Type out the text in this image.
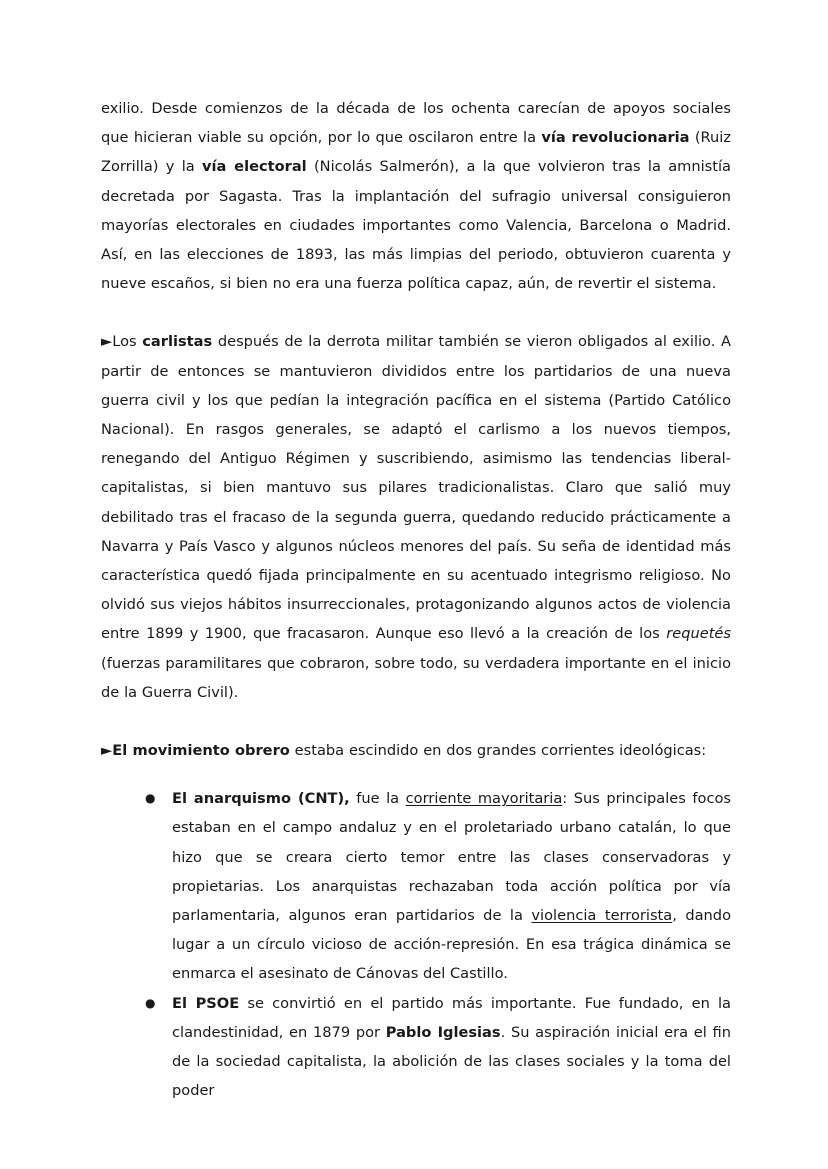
exilio. Desde comienzos de la década de los ochenta carecían de apoyos sociales que hicieran viable su opción, por lo que oscilaron entre la vía revolucionaria (Ruiz Zorrilla) y la vía electoral (Nicolás Salmerón), a la que volvieron tras la amnistía decretada por Sagasta. Tras la implantación del sufragio universal consiguieron mayorías electorales en ciudades importantes como Valencia, Barcelona o Madrid. Así, en las elecciones de 1893, las más limpias del periodo, obtuvieron cuarenta y nueve escaños, si bien no era una fuerza política capaz, aún, de revertir el sistema.

►Los carlistas después de la derrota militar también se vieron obligados al exilio. A partir de entonces se mantuvieron divididos entre los partidarios de una nueva guerra civil y los que pedían la integración pacífica en el sistema (Partido Católico Nacional). En rasgos generales, se adaptó el carlismo a los nuevos tiempos, renegando del Antiguo Régimen y suscribiendo, asimismo las tendencias liberal-capitalistas, si bien mantuvo sus pilares tradicionalistas. Claro que salió muy debilitado tras el fracaso de la segunda guerra, quedando reducido prácticamente a Navarra y País Vasco y algunos núcleos menores del país. Su seña de identidad más característica quedó fijada principalmente en su acentuado integrismo religioso. No olvidó sus viejos hábitos insurreccionales, protagonizando algunos actos de violencia entre 1899 y 1900, que fracasaron. Aunque eso llevó a la creación de los requetés (fuerzas paramilitares que cobraron, sobre todo, su verdadera importante en el inicio de la Guerra Civil).

►El movimiento obrero estaba escindido en dos grandes corrientes ideológicas:

● El anarquismo (CNT), fue la corriente mayoritaria: Sus principales focos estaban en el campo andaluz y en el proletariado urbano catalán, lo que hizo que se creara cierto temor entre las clases conservadoras y propietarias. Los anarquistas rechazaban toda acción política por vía parlamentaria, algunos eran partidarios de la violencia terrorista, dando lugar a un círculo vicioso de acción-represión. En esa trágica dinámica se enmarca el asesinato de Cánovas del Castillo.
● El PSOE se convirtió en el partido más importante. Fue fundado, en la clandestinidad, en 1879 por Pablo Iglesias. Su aspiración inicial era el fin de la sociedad capitalista, la abolición de las clases sociales y la toma del poder
